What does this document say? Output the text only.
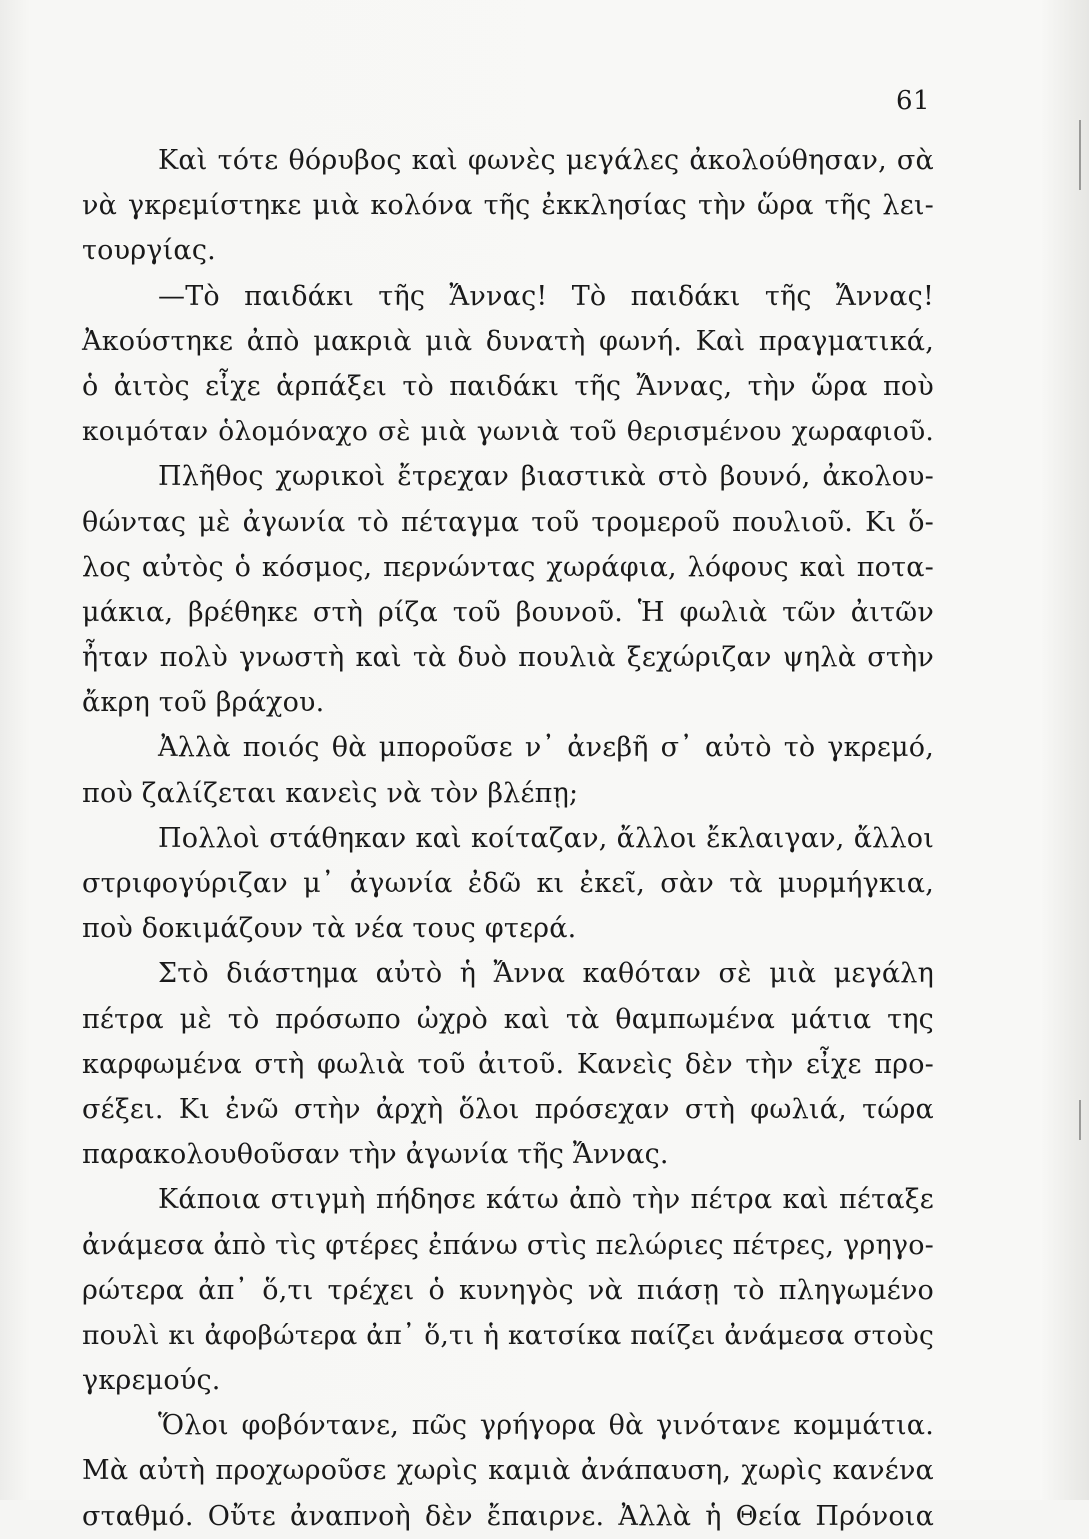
61
Καὶ τότε θόρυβος καὶ φωνὲς μεγάλες ἀκολούθησαν, σὰ
νὰ γκρεμίστηκε μιὰ κολόνα τῆς ἐκκλησίας τὴν ὥρα τῆς λει-
τουργίας.
—Τὸ παιδάκι τῆς Ἄννας! Τὸ παιδάκι τῆς Ἄννας!
Ἀκούστηκε ἀπὸ μακριὰ μιὰ δυνατὴ φωνή. Καὶ πραγματικά,
ὁ ἀιτὸς εἶχε ἁρπάξει τὸ παιδάκι τῆς Ἄννας, τὴν ὥρα ποὺ
κοιμόταν ὁλομόναχο σὲ μιὰ γωνιὰ τοῦ θερισμένου χωραφιοῦ.
Πλῆθος χωρικοὶ ἔτρεχαν βιαστικὰ στὸ βουνό, ἀκολου-
θώντας μὲ ἀγωνία τὸ πέταγμα τοῦ τρομεροῦ πουλιοῦ. Κι ὅ-
λος αὐτὸς ὁ κόσμος, περνώντας χωράφια, λόφους καὶ ποτα-
μάκια, βρέθηκε στὴ ρίζα τοῦ βουνοῦ. Ἡ φωλιὰ τῶν ἀιτῶν
ἦταν πολὺ γνωστὴ καὶ τὰ δυὸ πουλιὰ ξεχώριζαν ψηλὰ στὴν
ἄκρη τοῦ βράχου.
Ἀλλὰ ποιός θὰ μποροῦσε ν᾿ ἀνεβῆ σ᾿ αὐτὸ τὸ γκρεμό,
ποὺ ζαλίζεται κανεὶς νὰ τὸν βλέπῃ;
Πολλοὶ στάθηκαν καὶ κοίταζαν, ἄλλοι ἔκλαιγαν, ἄλλοι
στριφογύριζαν μ᾿ ἀγωνία ἐδῶ κι ἐκεῖ, σὰν τὰ μυρμήγκια,
ποὺ δοκιμάζουν τὰ νέα τους φτερά.
Στὸ διάστημα αὐτὸ ἡ Ἄννα καθόταν σὲ μιὰ μεγάλη
πέτρα μὲ τὸ πρόσωπο ὠχρὸ καὶ τὰ θαμπωμένα μάτια της
καρφωμένα στὴ φωλιὰ τοῦ ἀιτοῦ. Κανεὶς δὲν τὴν εἶχε προ-
σέξει. Κι ἐνῶ στὴν ἀρχὴ ὅλοι πρόσεχαν στὴ φωλιά, τώρα
παρακολουθοῦσαν τὴν ἀγωνία τῆς Ἄννας.
Κάποια στιγμὴ πήδησε κάτω ἀπὸ τὴν πέτρα καὶ πέταξε
ἀνάμεσα ἀπὸ τὶς φτέρες ἐπάνω στὶς πελώριες πέτρες, γρηγο-
ρώτερα ἀπ᾿ ὅ,τι τρέχει ὁ κυνηγὸς νὰ πιάσῃ τὸ πληγωμένο
πουλὶ κι ἀφοβώτερα ἀπ᾿ ὅ,τι ἡ κατσίκα παίζει ἀνάμεσα στοὺς
γκρεμούς.
Ὅλοι φοβόντανε, πῶς γρήγορα θὰ γινότανε κομμάτια.
Μὰ αὐτὴ προχωροῦσε χωρὶς καμιὰ ἀνάπαυση, χωρὶς κανένα
σταθμό. Οὔτε ἀναπνοὴ δὲν ἔπαιρνε. Ἀλλὰ ἡ Θεία Πρόνοια
